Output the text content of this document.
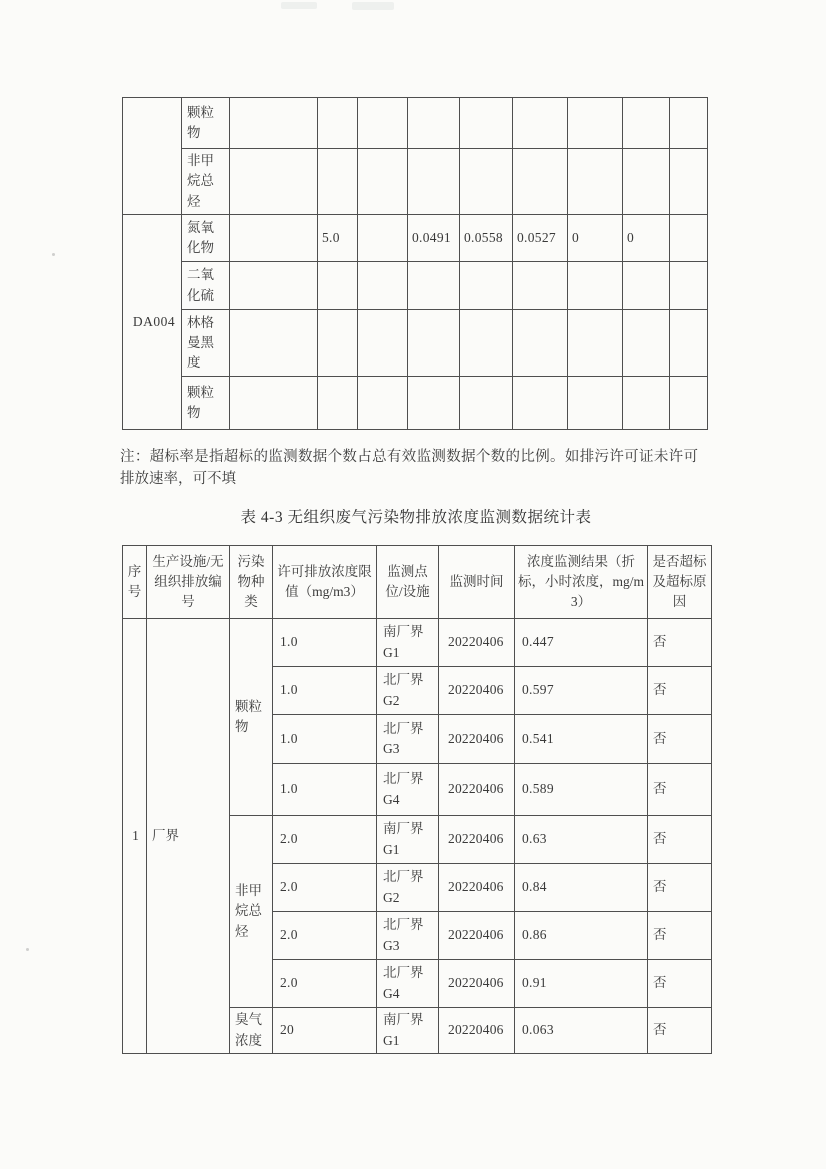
	颗粒物									
	非甲烷总烃									
DA004	氮氧化物		5.0		0.0491	0.0558	0.0527	0	0	
	二氧化硫									
	林格曼黑度									
	颗粒物									
注：超标率是指超标的监测数据个数占总有效监测数据个数的比例。如排污许可证未许可排放速率，可不填
表 4-3 无组织废气污染物排放浓度监测数据统计表
序号	生产设施/无组织排放编号	污染物种类	许可排放浓度限值（mg/m3）	监测点位/设施	监测时间	浓度监测结果（折标，小时浓度，mg/m3）	是否超标及超标原因
1	厂界	颗粒物	1.0	南厂界 G1	20220406	0.447	否
			1.0	北厂界 G2	20220406	0.597	否
			1.0	北厂界 G3	20220406	0.541	否
			1.0	北厂界 G4	20220406	0.589	否
		非甲烷总烃	2.0	南厂界 G1	20220406	0.63	否
			2.0	北厂界 G2	20220406	0.84	否
			2.0	北厂界 G3	20220406	0.86	否
			2.0	北厂界 G4	20220406	0.91	否
		臭气浓度	20	南厂界 G1	20220406	0.063	否
